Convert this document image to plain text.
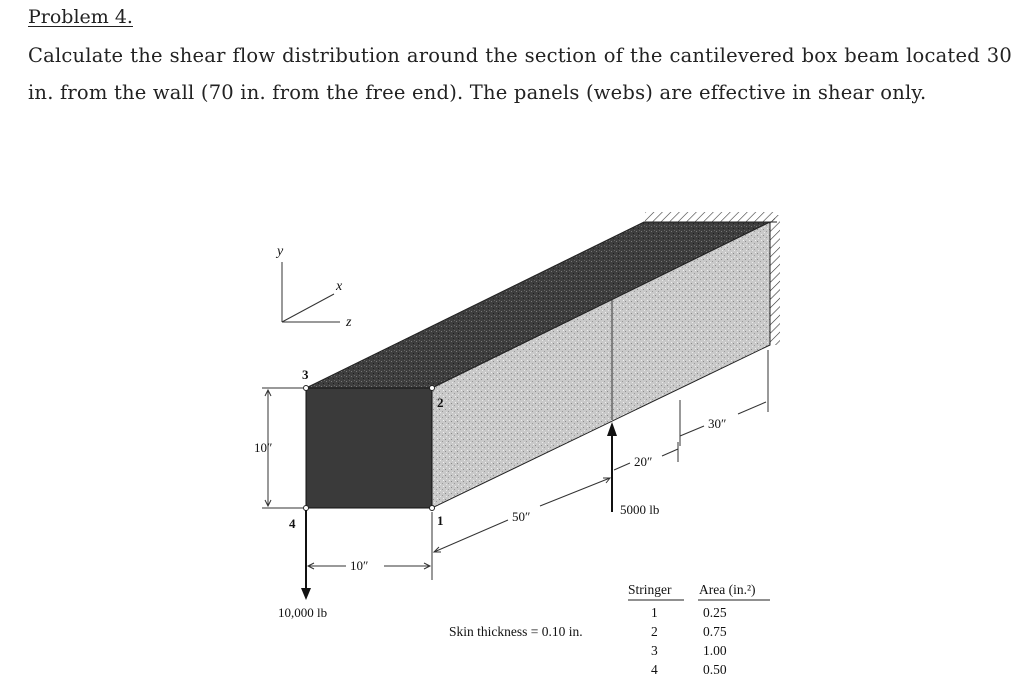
Problem 4.
Calculate the shear flow distribution around the section of the cantilevered box beam located 30 in. from the wall (70 in. from the free end). The panels (webs) are effective in shear only.
y
x
z
3
2
4	1
10″
10″
50″
20″
30″
10,000 lb
5000 lb
Skin thickness = 0.10 in.
Stringer Area (in.²)
1	0.25
2	0.75
3	1.00
4	0.50
